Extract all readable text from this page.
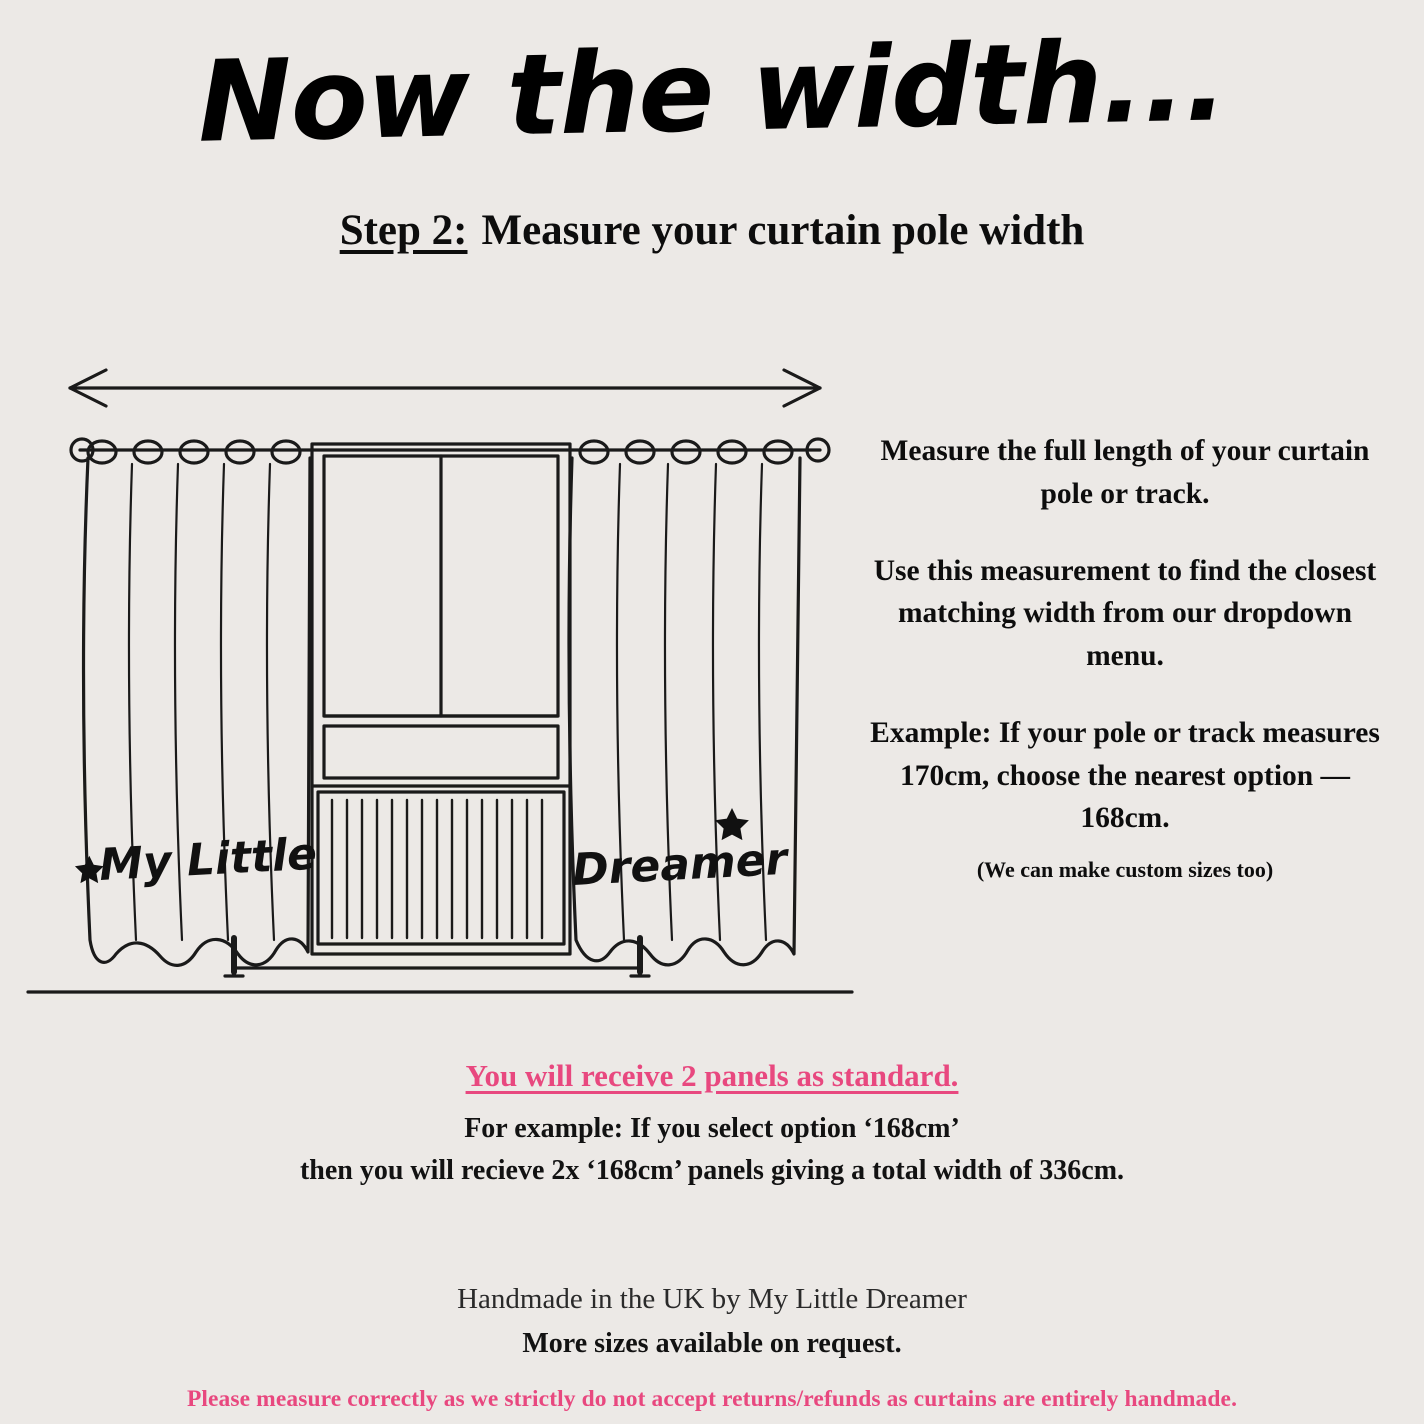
Now the width...
Step 2: Measure your curtain pole width
My Little	Dreamer

Measure the full length of your curtain pole or track.

Use this measurement to find the closest matching width from our dropdown menu.

Example: If your pole or track measures 170cm, choose the nearest option — 168cm.

(We can make custom sizes too)

You will receive 2 panels as standard.
For example: If you select option ‘168cm’
then you will recieve 2x ‘168cm’ panels giving a total width of 336cm.
Handmade in the UK by My Little Dreamer
More sizes available on request.
Please measure correctly as we strictly do not accept returns/refunds as curtains are entirely handmade.
